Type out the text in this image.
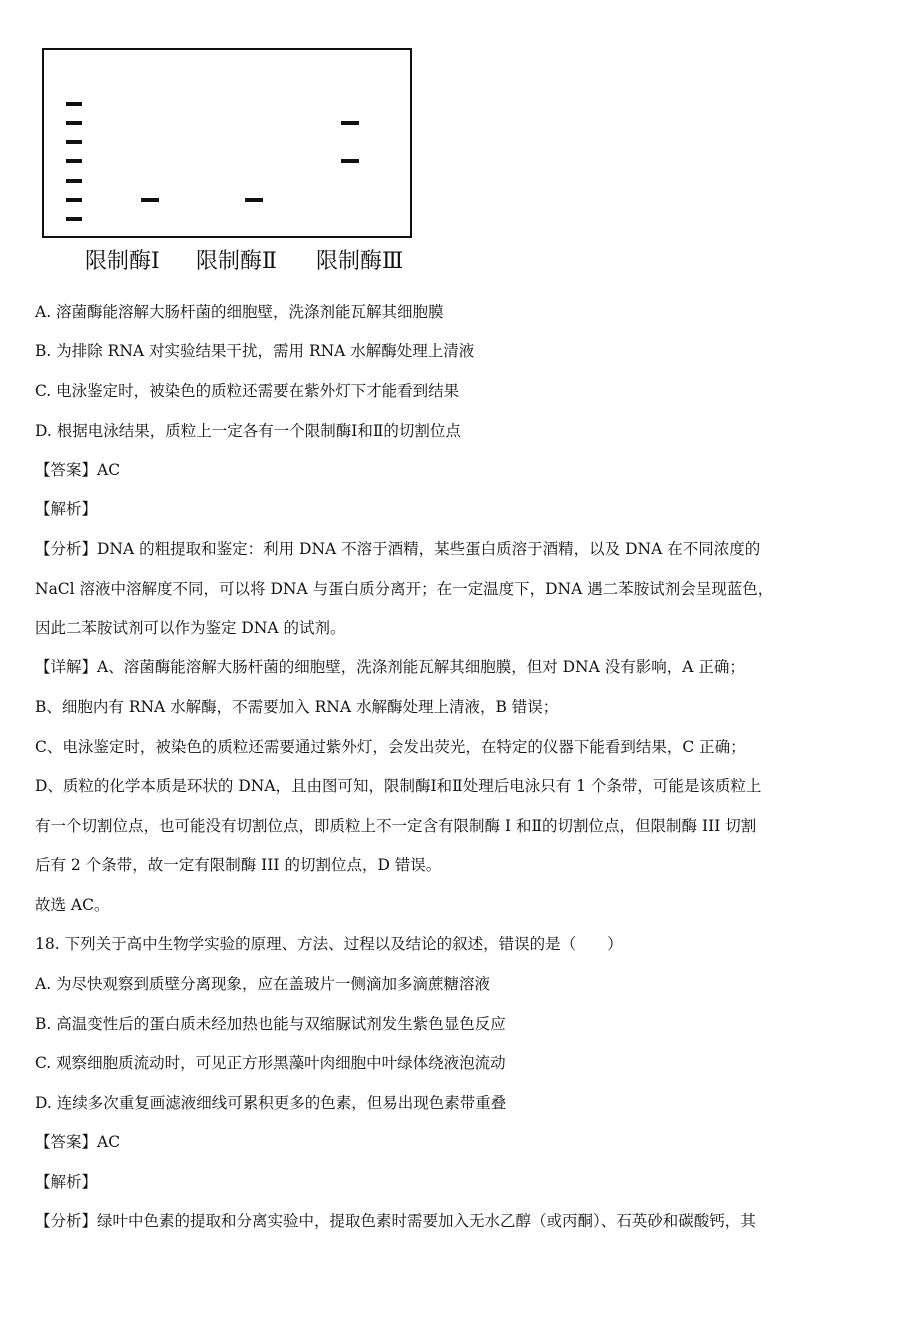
限制酶Ⅰ 限制酶Ⅱ 限制酶Ⅲ
A. 溶菌酶能溶解大肠杆菌的细胞壁，洗涤剂能瓦解其细胞膜
B. 为排除 RNA 对实验结果干扰，需用 RNA 水解酶处理上清液
C. 电泳鉴定时，被染色的质粒还需要在紫外灯下才能看到结果
D. 根据电泳结果，质粒上一定各有一个限制酶Ⅰ和Ⅱ的切割位点
【答案】AC
【解析】
【分析】DNA 的粗提取和鉴定：利用 DNA 不溶于酒精，某些蛋白质溶于酒精，以及 DNA 在不同浓度的
NaCl 溶液中溶解度不同，可以将 DNA 与蛋白质分离开；在一定温度下，DNA 遇二苯胺试剂会呈现蓝色，
因此二苯胺试剂可以作为鉴定 DNA 的试剂。
【详解】A、溶菌酶能溶解大肠杆菌的细胞壁，洗涤剂能瓦解其细胞膜，但对 DNA 没有影响，A 正确；
B、细胞内有 RNA 水解酶，不需要加入 RNA 水解酶处理上清液，B 错误；
C、电泳鉴定时，被染色的质粒还需要通过紫外灯，会发出荧光，在特定的仪器下能看到结果，C 正确；
D、质粒的化学本质是环状的 DNA，且由图可知，限制酶Ⅰ和Ⅱ处理后电泳只有 1 个条带，可能是该质粒上
有一个切割位点，也可能没有切割位点，即质粒上不一定含有限制酶 I 和Ⅱ的切割位点，但限制酶 III 切割
后有 2 个条带，故一定有限制酶 III 的切割位点，D 错误。
故选 AC。
18. 下列关于高中生物学实验的原理、方法、过程以及结论的叙述，错误的是（　　）
A. 为尽快观察到质壁分离现象，应在盖玻片一侧滴加多滴蔗糖溶液
B. 高温变性后的蛋白质未经加热也能与双缩脲试剂发生紫色显色反应
C. 观察细胞质流动时，可见正方形黑藻叶肉细胞中叶绿体绕液泡流动
D. 连续多次重复画滤液细线可累积更多的色素，但易出现色素带重叠
【答案】AC
【解析】
【分析】绿叶中色素的提取和分离实验中，提取色素时需要加入无水乙醇（或丙酮）、石英砂和碳酸钙，其
